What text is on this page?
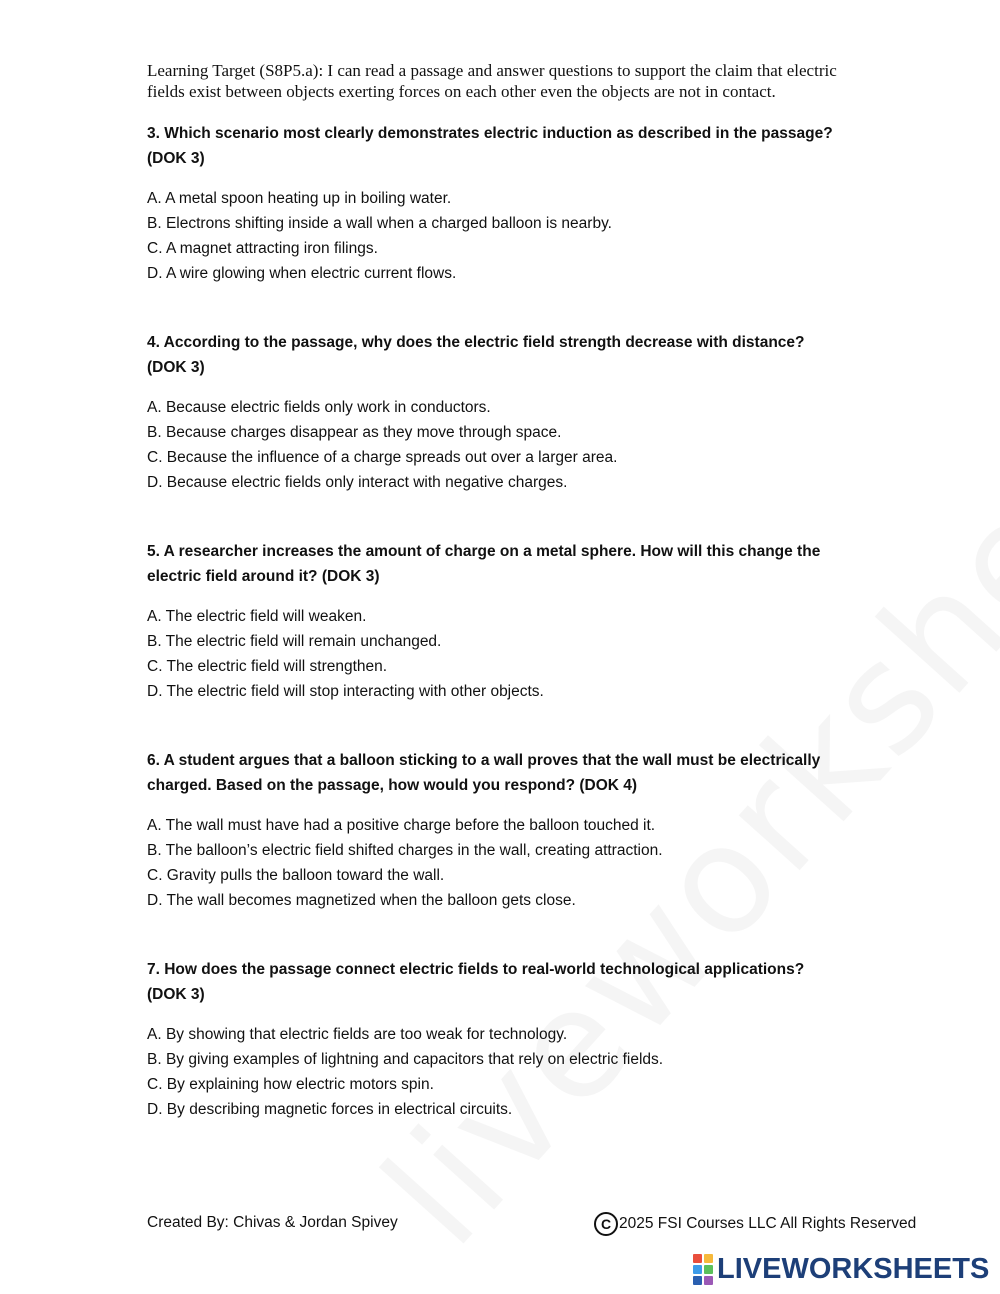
Learning Target (S8P5.a): I can read a passage and answer questions to support the claim that electric fields exist between objects exerting forces on each other even the objects are not in contact.
3. Which scenario most clearly demonstrates electric induction as described in the passage? (DOK 3)
A. A metal spoon heating up in boiling water.
B. Electrons shifting inside a wall when a charged balloon is nearby.
C. A magnet attracting iron filings.
D. A wire glowing when electric current flows.
4. According to the passage, why does the electric field strength decrease with distance? (DOK 3)
A. Because electric fields only work in conductors.
B. Because charges disappear as they move through space.
C. Because the influence of a charge spreads out over a larger area.
D. Because electric fields only interact with negative charges.
5. A researcher increases the amount of charge on a metal sphere. How will this change the electric field around it? (DOK 3)
A. The electric field will weaken.
B. The electric field will remain unchanged.
C. The electric field will strengthen.
D. The electric field will stop interacting with other objects.
6. A student argues that a balloon sticking to a wall proves that the wall must be electrically charged. Based on the passage, how would you respond? (DOK 4)
A. The wall must have had a positive charge before the balloon touched it.
B. The balloon’s electric field shifted charges in the wall, creating attraction.
C. Gravity pulls the balloon toward the wall.
D. The wall becomes magnetized when the balloon gets close.
7. How does the passage connect electric fields to real-world technological applications? (DOK 3)
A. By showing that electric fields are too weak for technology.
B. By giving examples of lightning and capacitors that rely on electric fields.
C. By explaining how electric motors spin.
D. By describing magnetic forces in electrical circuits.
Created By: Chivas & Jordan Spivey	C 2025 FSI Courses LLC All Rights Reserved
LIVEWORKSHEETS
